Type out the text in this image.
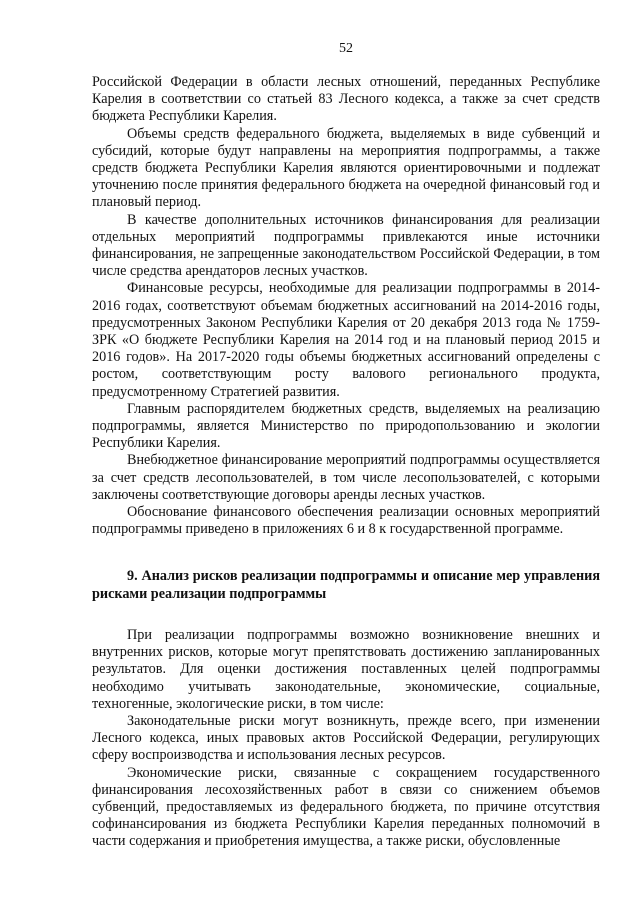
52

Российской Федерации в области лесных отношений, переданных Республике Карелия в соответствии со статьей 83 Лесного кодекса, а также за счет средств бюджета Республики Карелия.

Объемы средств федерального бюджета, выделяемых в виде субвенций и субсидий, которые будут направлены на мероприятия подпрограммы, а также средств бюджета Республики Карелия являются ориентировочными и подлежат уточнению после принятия федерального бюджета на очередной финансовый год и плановый период.

В качестве дополнительных источников финансирования для реализации отдельных мероприятий подпрограммы привлекаются иные источники финансирования, не запрещенные законодательством Российской Федерации, в том числе средства арендаторов лесных участков.

Финансовые ресурсы, необходимые для реализации подпрограммы в 2014-2016 годах, соответствуют объемам бюджетных ассигнований на 2014-2016 годы, предусмотренных Законом Республики Карелия от 20 декабря 2013 года № 1759-ЗРК «О бюджете Республики Карелия на 2014 год и на плановый период 2015 и 2016 годов». На 2017-2020 годы объемы бюджетных ассигнований определены с ростом, соответствующим росту валового регионального продукта, предусмотренному Стратегией развития.

Главным распорядителем бюджетных средств, выделяемых на реализацию подпрограммы, является Министерство по природопользованию и экологии Республики Карелия.

Внебюджетное финансирование мероприятий подпрограммы осуществляется за счет средств лесопользователей, в том числе лесопользователей, с которыми заключены соответствующие договоры аренды лесных участков.

Обоснование финансового обеспечения реализации основных мероприятий подпрограммы приведено в приложениях 6 и 8 к государственной программе.

9. Анализ рисков реализации подпрограммы и описание мер управления рисками реализации подпрограммы

При реализации подпрограммы возможно возникновение внешних и внутренних рисков, которые могут препятствовать достижению запланированных результатов. Для оценки достижения поставленных целей подпрограммы необходимо учитывать законодательные, экономические, социальные, техногенные, экологические риски, в том числе:

Законодательные риски могут возникнуть, прежде всего, при изменении Лесного кодекса, иных правовых актов Российской Федерации, регулирующих сферу воспроизводства и использования лесных ресурсов.

Экономические риски, связанные с сокращением государственного финансирования лесохозяйственных работ в связи со снижением объемов субвенций, предоставляемых из федерального бюджета, по причине отсутствия софинансирования из бюджета Республики Карелия переданных полномочий в части содержания и приобретения имущества, а также риски, обусловленные
